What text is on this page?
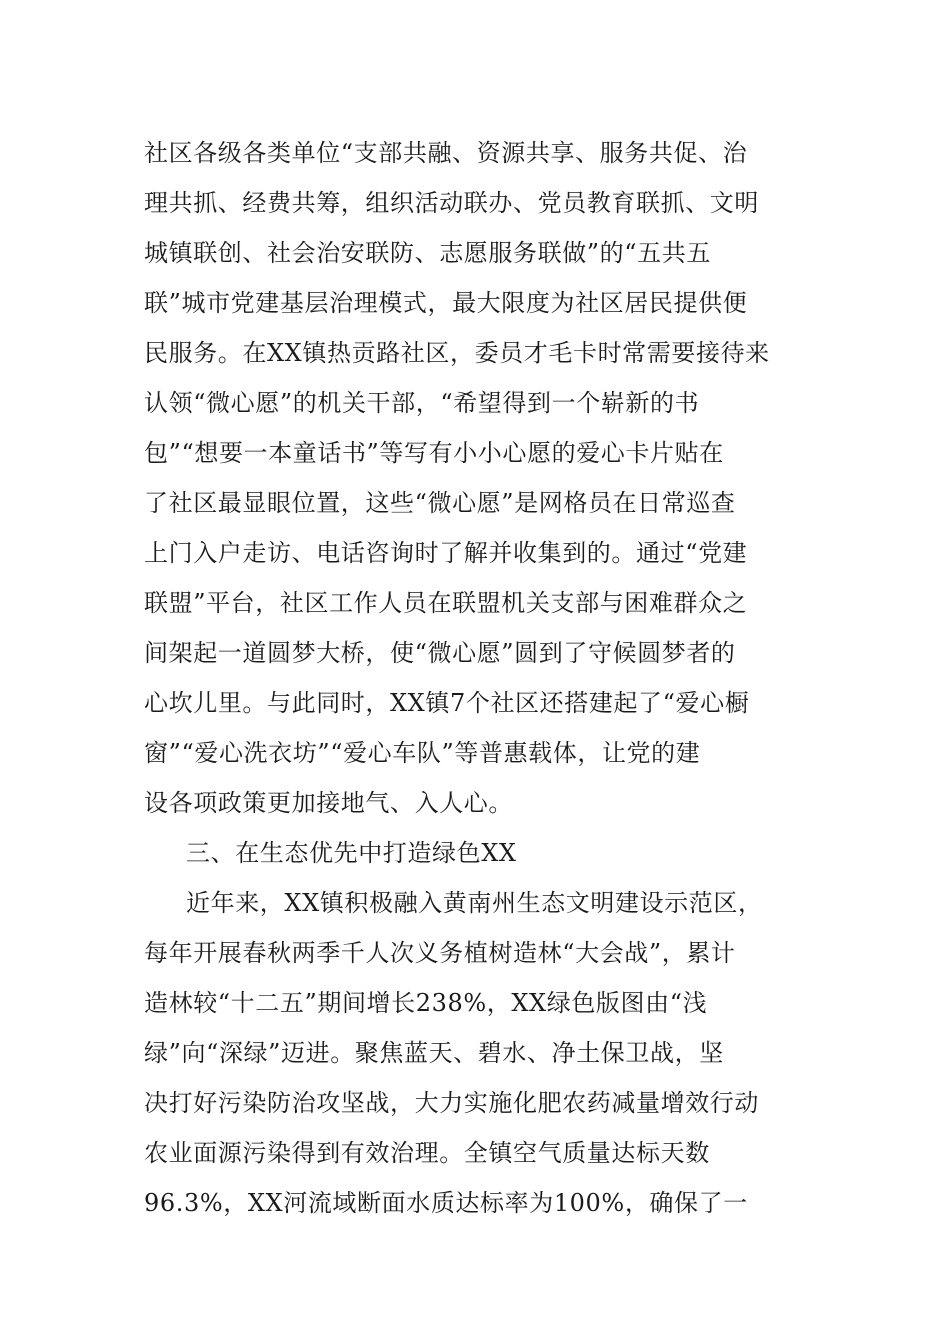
社区各级各类单位“支部共融、资源共享、服务共促、治
理共抓、经费共筹，组织活动联办、党员教育联抓、文明
城镇联创、社会治安联防、志愿服务联做”的“五共五
联”城市党建基层治理模式，最大限度为社区居民提供便
民服务。在XX镇热贡路社区，委员才毛卡时常需要接待来
认领“微心愿”的机关干部，“希望得到一个崭新的书
包”“想要一本童话书”等写有小小心愿的爱心卡片贴在
了社区最显眼位置，这些“微心愿”是网格员在日常巡查
上门入户走访、电话咨询时了解并收集到的。通过“党建
联盟”平台，社区工作人员在联盟机关支部与困难群众之
间架起一道圆梦大桥，使“微心愿”圆到了守候圆梦者的
心坎儿里。与此同时，XX镇7个社区还搭建起了“爱心橱
窗”“爱心洗衣坊”“爱心车队”等普惠载体，让党的建
设各项政策更加接地气、入人心。
三、在生态优先中打造绿色XX
近年来，XX镇积极融入黄南州生态文明建设示范区，
每年开展春秋两季千人次义务植树造林“大会战”，累计
造林较“十二五”期间增长238%，XX绿色版图由“浅
绿”向“深绿”迈进。聚焦蓝天、碧水、净土保卫战，坚
决打好污染防治攻坚战，大力实施化肥农药减量增效行动
农业面源污染得到有效治理。全镇空气质量达标天数
96.3%，XX河流域断面水质达标率为100%，确保了一
